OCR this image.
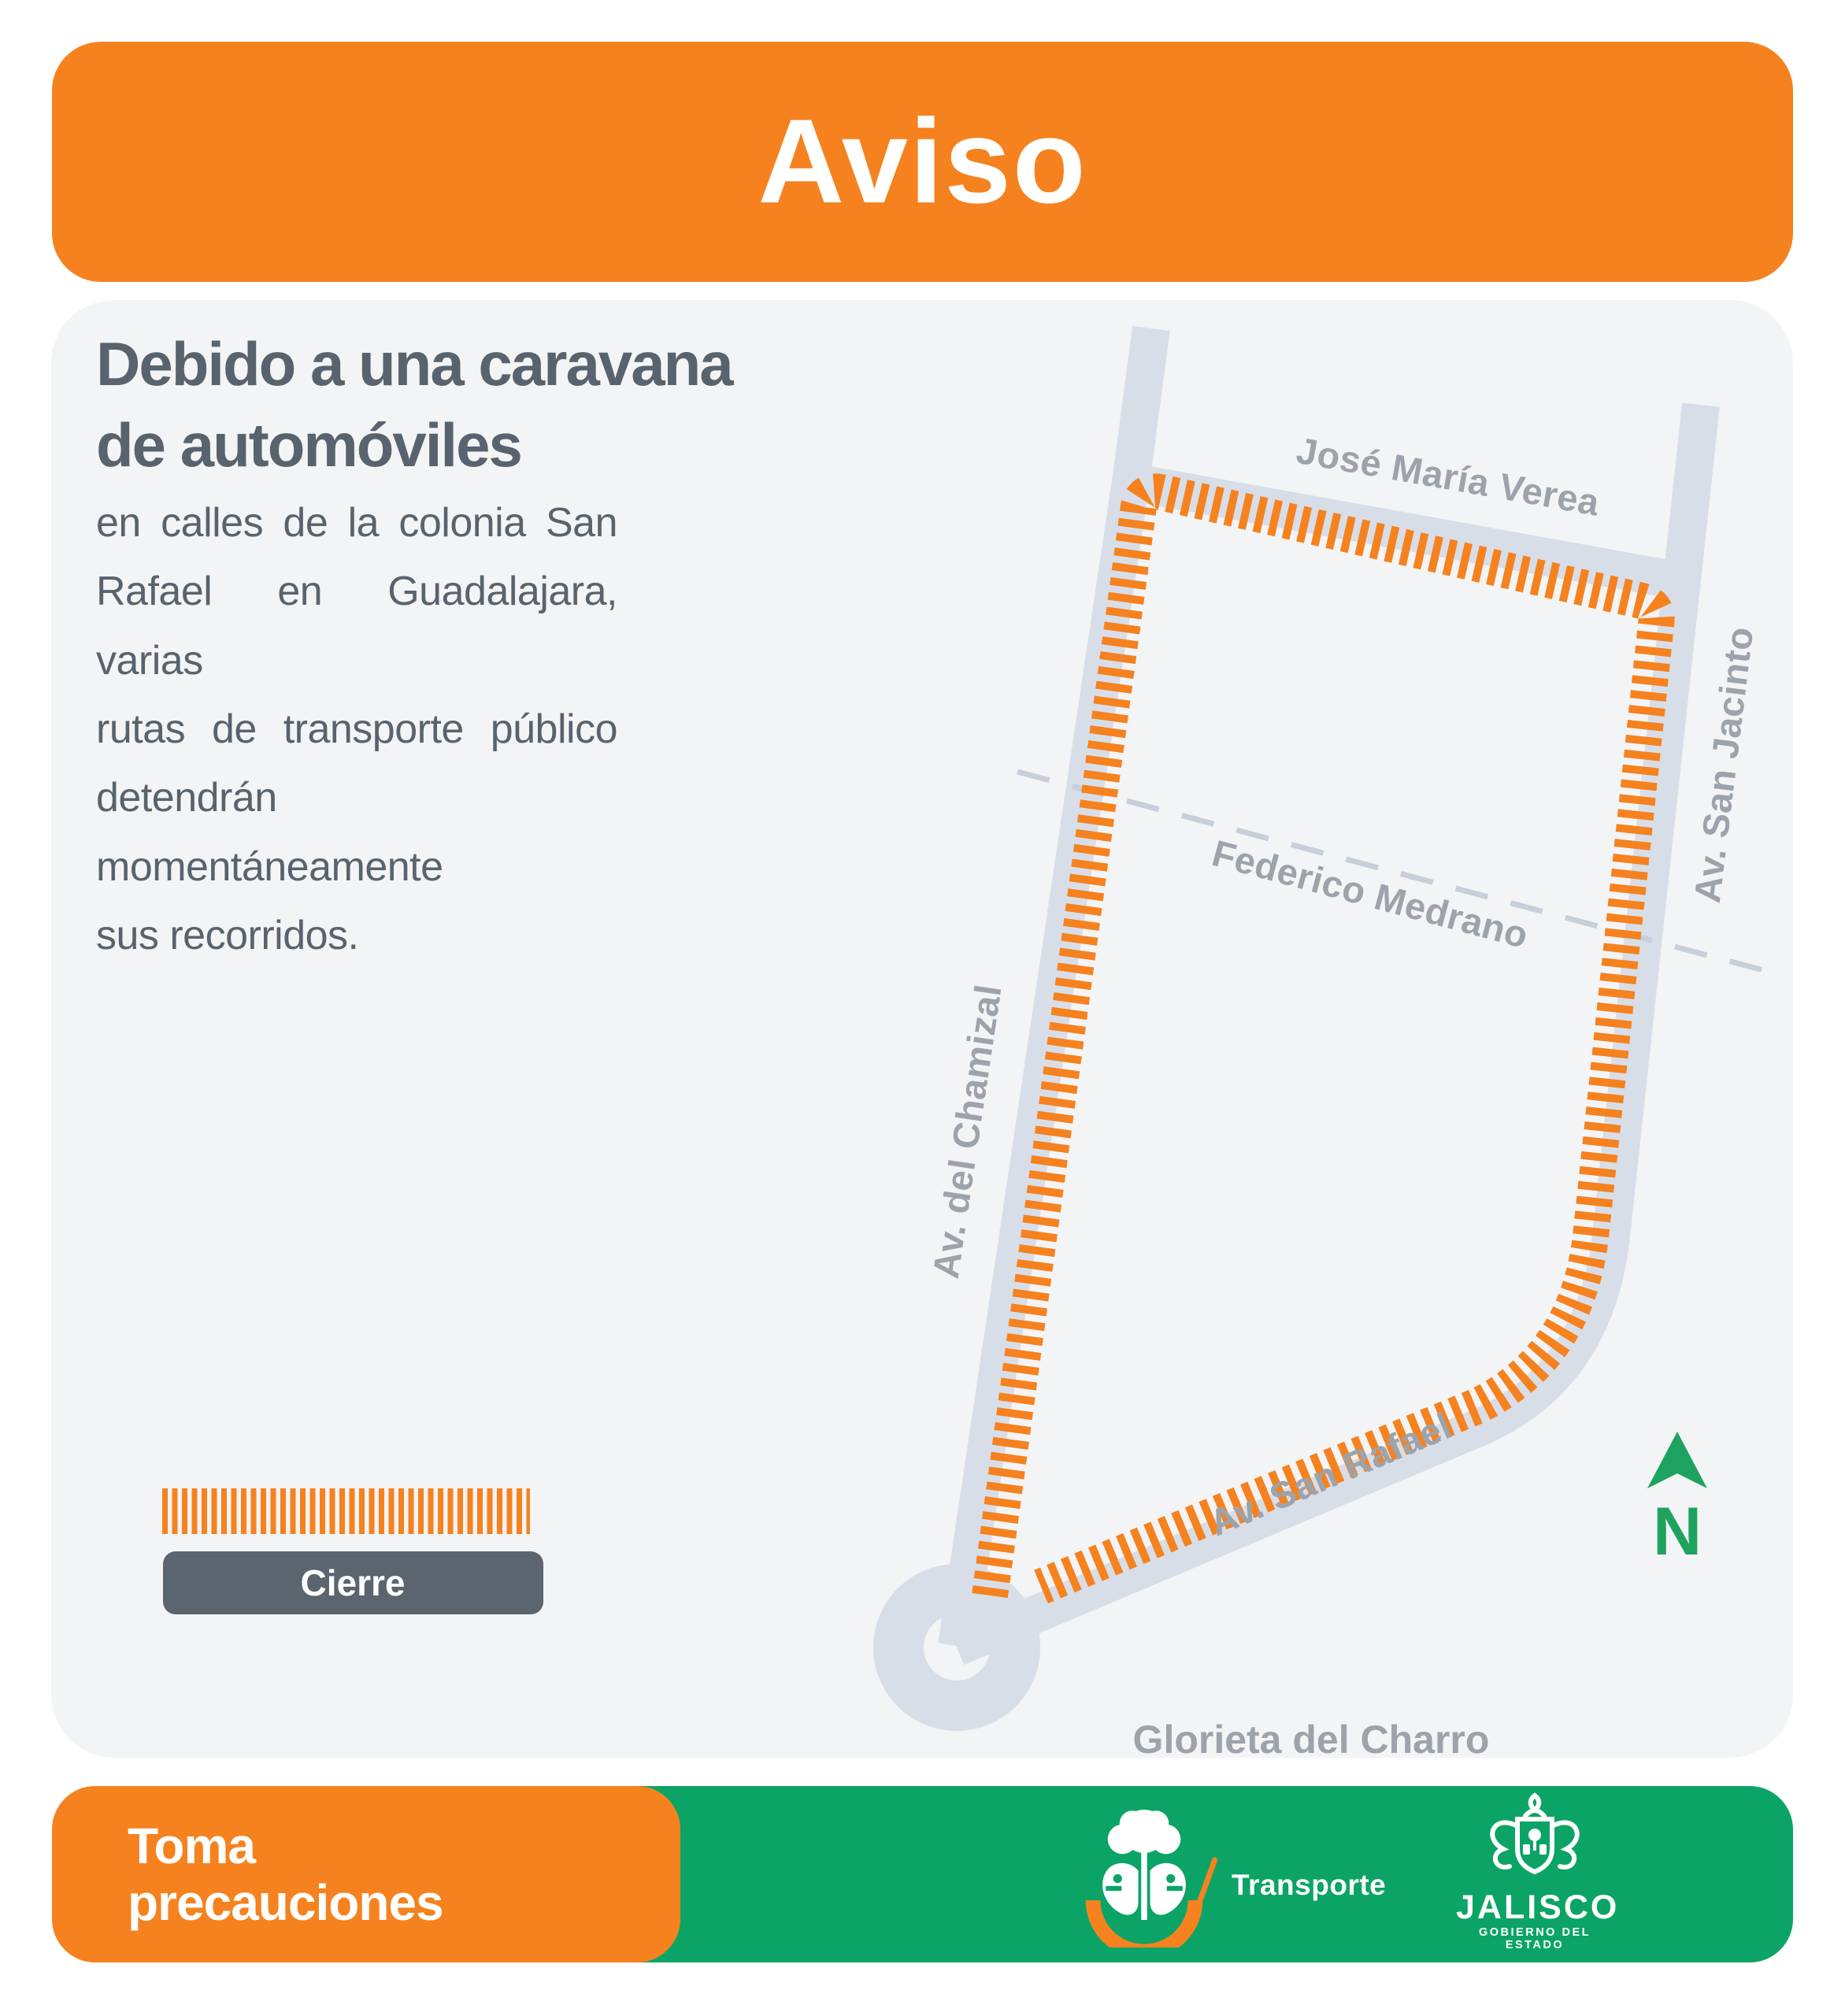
Aviso
Debido a una caravana
de automóviles
en calles de la colonia San
Rafael en Guadalajara, varias
rutas de transporte público
detendrán momentáneamente
sus recorridos.
José María Verea
Av. San Jacinto
Federico Medrano
Av. del Chamizal
Av. San Rafael
Glorieta del Charro
N
Cierre
Toma
precauciones	Transporte
JALISCO
GOBIERNO DEL ESTADO
